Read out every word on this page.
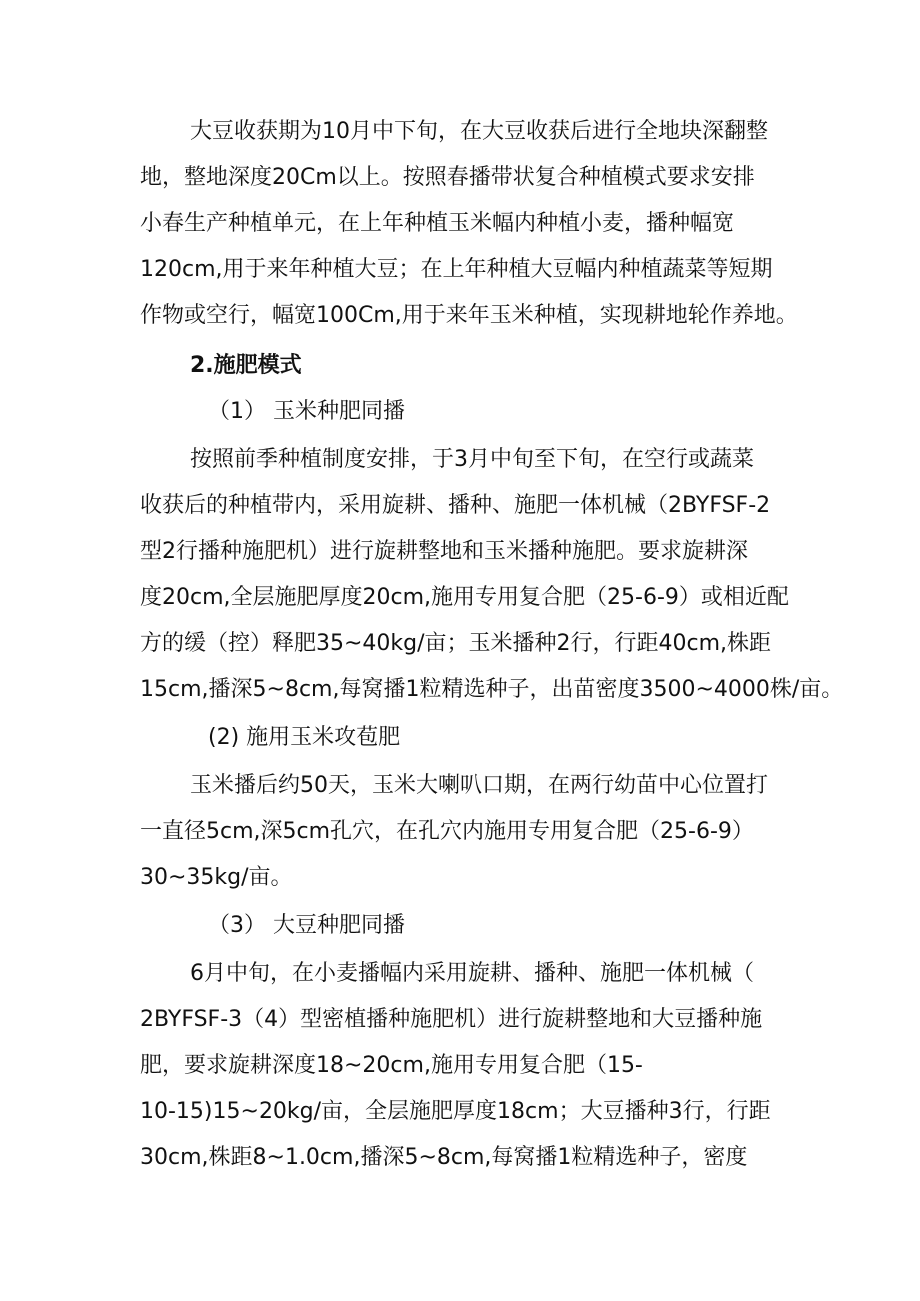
大豆收获期为10月中下旬，在大豆收获后进行全地块深翻整
地，整地深度20Cm以上。按照春播带状复合种植模式要求安排
小春生产种植单元，在上年种植玉米幅内种植小麦，播种幅宽
120cm,用于来年种植大豆；在上年种植大豆幅内种植蔬菜等短期
作物或空行，幅宽100Cm,用于来年玉米种植，实现耕地轮作养地。
2.施肥模式
（1） 玉米种肥同播
按照前季种植制度安排，于3月中旬至下旬，在空行或蔬菜
收获后的种植带内，采用旋耕、播种、施肥一体机械（2BYFSF-2
型2行播种施肥机）进行旋耕整地和玉米播种施肥。要求旋耕深
度20cm,全层施肥厚度20cm,施用专用复合肥（25-6-9）或相近配
方的缓（控）释肥35~40kg/亩；玉米播种2行，行距40cm,株距
15cm,播深5~8cm,每窝播1粒精选种子，出苗密度3500~4000株/亩。
(2) 施用玉米攻苞肥
玉米播后约50天，玉米大喇叭口期，在两行幼苗中心位置打
一直径5cm,深5cm孔穴，在孔穴内施用专用复合肥（25-6-9）
30~35kg/亩。
（3） 大豆种肥同播
6月中旬，在小麦播幅内采用旋耕、播种、施肥一体机械（
2BYFSF-3（4）型密植播种施肥机）进行旋耕整地和大豆播种施
肥，要求旋耕深度18~20cm,施用专用复合肥（15-
10-15)15~20kg/亩，全层施肥厚度18cm；大豆播种3行，行距
30cm,株距8~1.0cm,播深5~8cm,每窝播1粒精选种子，密度
